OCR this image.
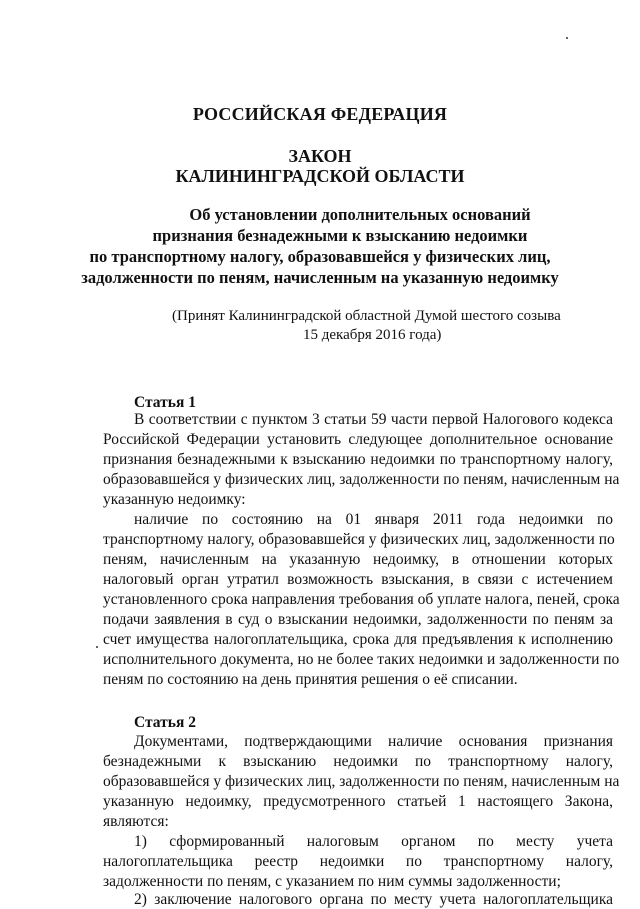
РОССИЙСКАЯ ФЕДЕРАЦИЯ
ЗАКОН
КАЛИНИНГРАДСКОЙ ОБЛАСТИ
Об установлении дополнительных оснований
признания безнадежными к взысканию недоимки
по транспортному налогу, образовавшейся у физических лиц,
задолженности по пеням, начисленным на указанную недоимку
(Принят Калининградской областной Думой шестого созыва
15 декабря 2016 года)
Статья 1
В соответствии с пунктом 3 статьи 59 части первой Налогового кодекса
Российской Федерации установить следующее дополнительное основание
признания безнадежными к взысканию недоимки по транспортному налогу,
образовавшейся у физических лиц, задолженности по пеням, начисленным на
указанную недоимку:
наличие по состоянию на 01 января 2011 года недоимки по
транспортному налогу, образовавшейся у физических лиц, задолженности по
пеням, начисленным на указанную недоимку, в отношении которых
налоговый орган утратил возможность взыскания, в связи с истечением
установленного срока направления требования об уплате налога, пеней, срока
подачи заявления в суд о взыскании недоимки, задолженности по пеням за
счет имущества налогоплательщика, срока для предъявления к исполнению
исполнительного документа, но не более таких недоимки и задолженности по
пеням по состоянию на день принятия решения о её списании.
Статья 2
Документами, подтверждающими наличие основания признания
безнадежными к взысканию недоимки по транспортному налогу,
образовавшейся у физических лиц, задолженности по пеням, начисленным на
указанную недоимку, предусмотренного статьей 1 настоящего Закона,
являются:
1) сформированный налоговым органом по месту учета
налогоплательщика реестр недоимки по транспортному налогу,
задолженности по пеням, с указанием по ним суммы задолженности;
2) заключение налогового органа по месту учета налогоплательщика
